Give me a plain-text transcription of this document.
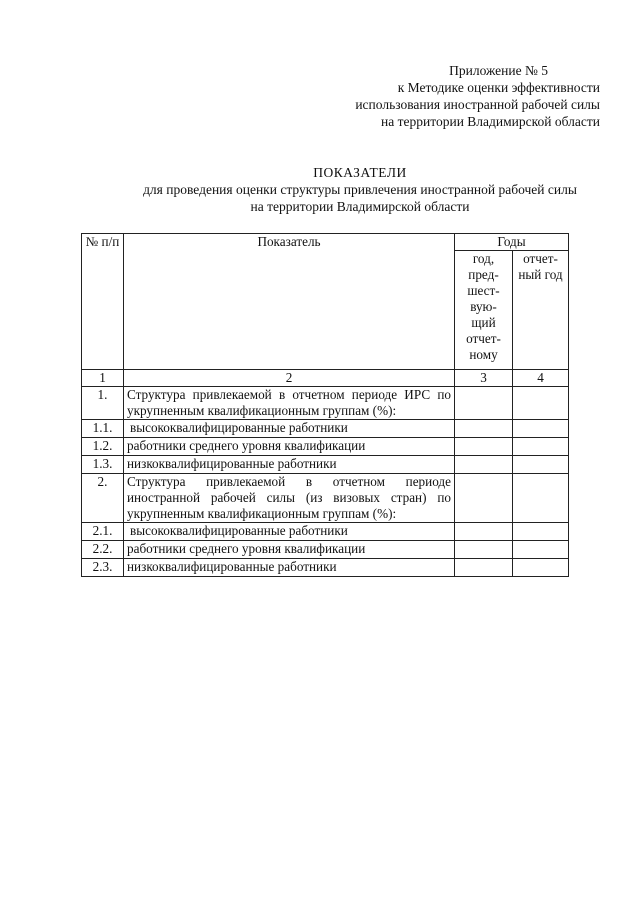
Приложение № 5
к Методике оценки эффективности
использования иностранной рабочей силы
на территории Владимирской области
ПОКАЗАТЕЛИ
для проведения оценки структуры привлечения иностранной рабочей силы
на территории Владимирской области
№ п/п	Показатель	Годы	
		год, пред- шест- вую- щий отчет- ному	отчет- ный год
1	2	3	4
1.	Структура привлекаемой в отчетном периоде ИРС по укрупненным квалификационным группам (%):		
1.1.	высококвалифицированные работники		
1.2.	работники среднего уровня квалификации		
1.3.	низкоквалифицированные работники		
2.	Структура привлекаемой в отчетном периоде иностранной рабочей силы (из визовых стран) по укрупненным квалификационным группам (%):		
2.1.	высококвалифицированные работники		
2.2.	работники среднего уровня квалификации		
2.3.	низкоквалифицированные работники		
